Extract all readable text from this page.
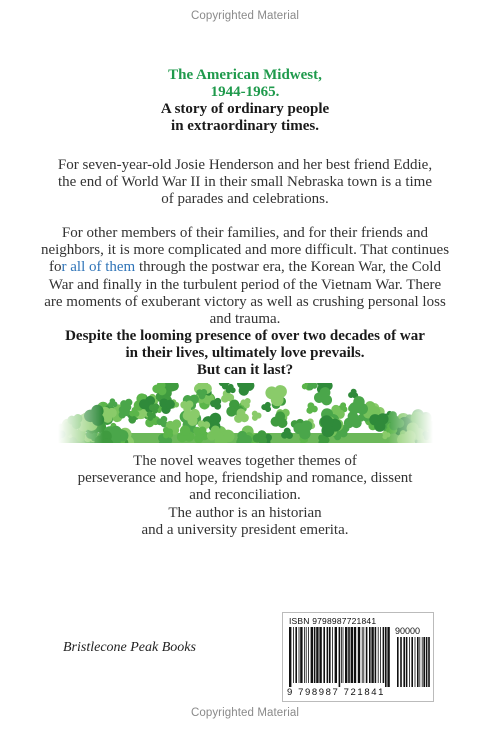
Copyrighted Material
The American Midwest,
1944-1965.
A story of ordinary people
in extraordinary times.
For seven-year-old Josie Henderson and her best friend Eddie, the end of World War II in their small Nebraska town is a time of parades and celebrations.
For other members of their families, and for their friends and neighbors, it is more complicated and more difficult. That continues for all of them through the postwar era, the Korean War, the Cold War and finally in the turbulent period of the Vietnam War. There are moments of exuberant victory as well as crushing personal loss and trauma.
Despite the looming presence of over two decades of war
in their lives, ultimately love prevails.
But can it last?
The novel weaves together themes of
perseverance and hope, friendship and romance, dissent
and reconciliation.
The author is an historian
and a university president emerita.
Bristlecone Peak Books
ISBN 9798987721841
90000
9 798987 721841
Copyrighted Material
